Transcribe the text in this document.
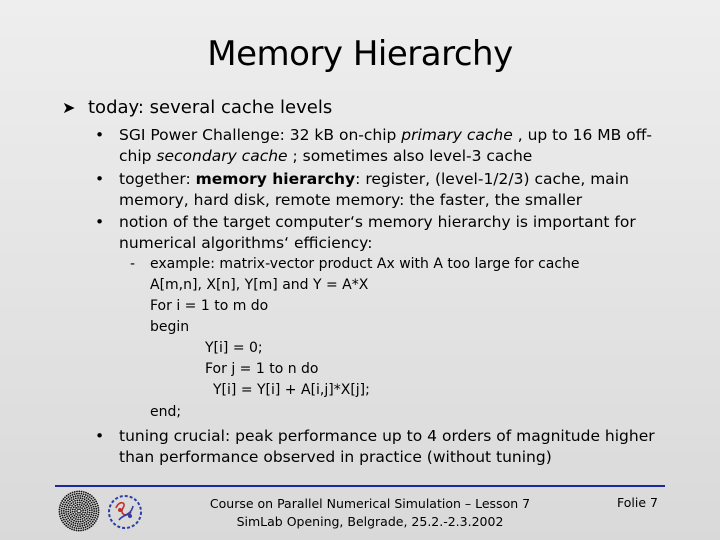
Memory Hierarchy
➤ today: several cache levels
• SGI Power Challenge: 32 kB on-chip primary cache , up to 16 MB off-chip secondary cache ; sometimes also level-3 cache
• together: memory hierarchy: register, (level-1/2/3) cache, main memory, hard disk, remote memory: the faster, the smaller
• notion of the target computer‘s memory hierarchy is important for numerical algorithms‘ efficiency:
- example: matrix-vector product Ax with A too large for cache
A[m,n], X[n], Y[m] and Y = A*X
For i = 1 to m do
begin
Y[i] = 0;
For j = 1 to n do
Y[i] = Y[i] + A[i,j]*X[j];
end;
• tuning crucial: peak performance up to 4 orders of magnitude higher than performance observed in practice (without tuning)
Course on Parallel Numerical Simulation – Lesson 7
SimLab Opening, Belgrade, 25.2.-2.3.2002
Folie 7
